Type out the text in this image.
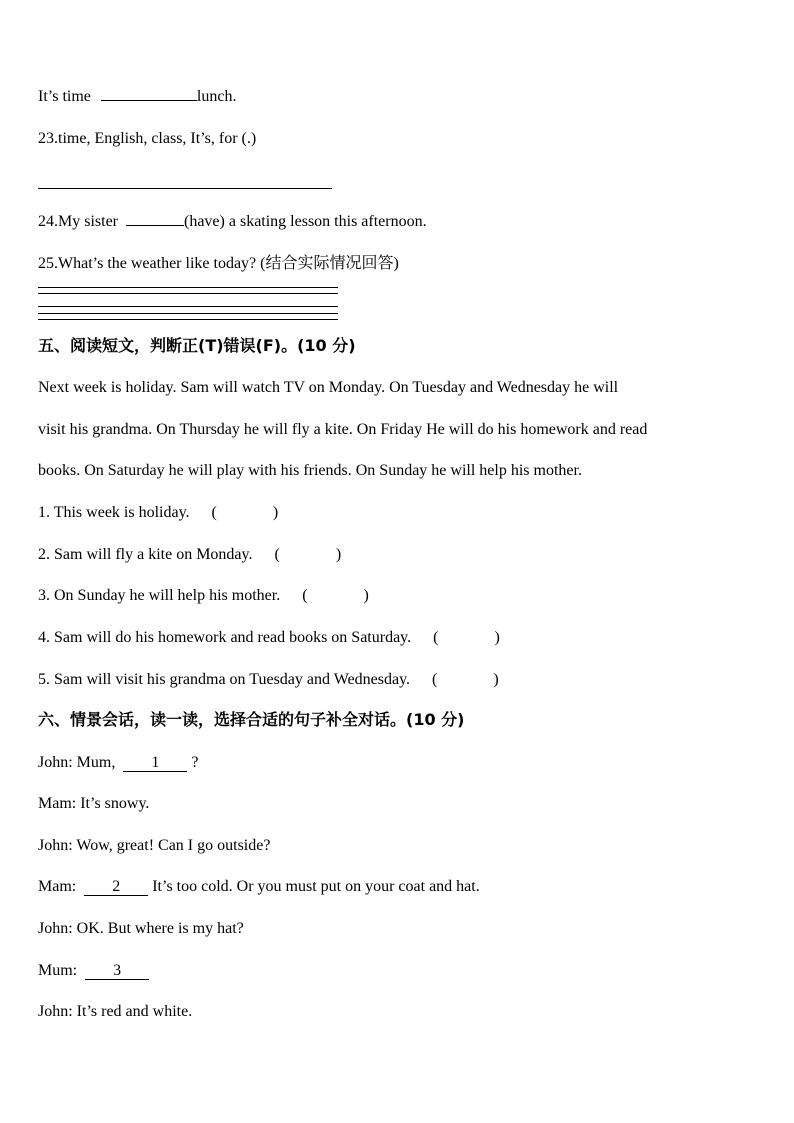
It’s time	lunch.
23.time, English, class, It’s, for (.)
24.My sister	(have) a skating lesson this afternoon.
25.What’s the weather like today? (结合实际情况回答)
五、阅读短文，判断正(T)错误(F)。(10 分)
Next week is holiday. Sam will watch TV on Monday. On Tuesday and Wednesday he will
visit his grandma. On Thursday he will fly a kite. On Friday He will do his homework and read
books. On Saturday he will play with his friends. On Sunday he will help his mother.
1. This week is holiday. (	)
2. Sam will fly a kite on Monday. (	)
3. On Sunday he will help his mother. (	)
4. Sam will do his homework and read books on Saturday. (	)
5. Sam will visit his grandma on Tuesday and Wednesday. (	)
六、情景会话，读一读，选择合适的句子补全对话。(10 分)
John: Mum, 1 ?
Mam: It’s snowy.
John: Wow, great! Can I go outside?
Mam: 2 It’s too cold. Or you must put on your coat and hat.
John: OK. But where is my hat?
Mum: 3
John: It’s red and white.
